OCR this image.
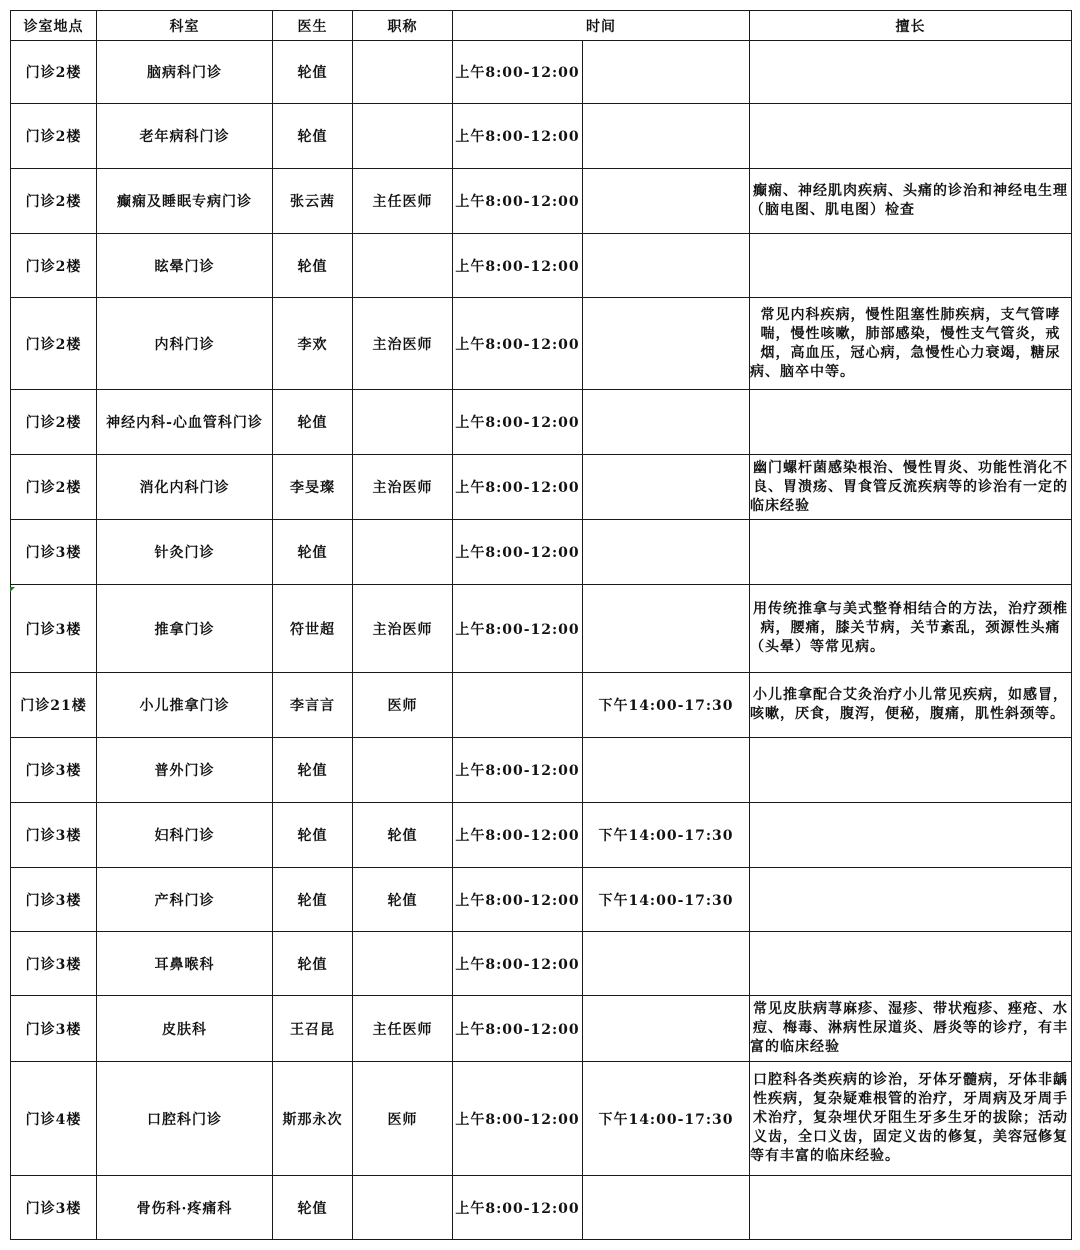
诊室地点	科室	医生	职称	时间		擅长
门诊2楼	脑病科门诊	轮值		上午8:00-12:00		
门诊2楼	老年病科门诊	轮值		上午8:00-12:00		
门诊2楼	癫痫及睡眠专病门诊	张云茜	主任医师	上午8:00-12:00		癫痫、神经肌肉疾病、头痛的诊治和神经电生理（脑电图、肌电图）检查
门诊2楼	眩晕门诊	轮值		上午8:00-12:00		
门诊2楼	内科门诊	李欢	主治医师	上午8:00-12:00		常见内科疾病，慢性阻塞性肺疾病，支气管哮喘，慢性咳嗽，肺部感染，慢性支气管炎，戒烟，高血压，冠心病，急慢性心力衰竭，糖尿病、脑卒中等。
门诊2楼	神经内科-心血管科门诊	轮值		上午8:00-12:00		
门诊2楼	消化内科门诊	李旻璨	主治医师	上午8:00-12:00		幽门螺杆菌感染根治、慢性胃炎、功能性消化不良、胃溃疡、胃食管反流疾病等的诊治有一定的临床经验
门诊3楼	针灸门诊	轮值		上午8:00-12:00		
门诊3楼	推拿门诊	符世超	主治医师	上午8:00-12:00		用传统推拿与美式整脊相结合的方法，治疗颈椎病，腰痛，膝关节病，关节紊乱，颈源性头痛（头晕）等常见病。
门诊21楼	小儿推拿门诊	李言言	医师		下午14:00-17:30	小儿推拿配合艾灸治疗小儿常见疾病，如感冒，咳嗽，厌食，腹泻，便秘，腹痛，肌性斜颈等。
门诊3楼	普外门诊	轮值		上午8:00-12:00		
门诊3楼	妇科门诊	轮值	轮值	上午8:00-12:00	下午14:00-17:30	
门诊3楼	产科门诊	轮值	轮值	上午8:00-12:00	下午14:00-17:30	
门诊3楼	耳鼻喉科	轮值		上午8:00-12:00		
门诊3楼	皮肤科	王召昆	主任医师	上午8:00-12:00		常见皮肤病荨麻疹、湿疹、带状疱疹、痤疮、水痘、梅毒、淋病性尿道炎、唇炎等的诊疗，有丰富的临床经验
门诊4楼	口腔科门诊	斯那永次	医师	上午8:00-12:00	下午14:00-17:30	口腔科各类疾病的诊治，牙体牙髓病，牙体非龋性疾病，复杂疑难根管的治疗，牙周病及牙周手术治疗，复杂埋伏牙阻生牙多生牙的拔除；活动义齿，全口义齿，固定义齿的修复，美容冠修复等有丰富的临床经验。
门诊3楼	骨伤科·疼痛科	轮值		上午8:00-12:00		
